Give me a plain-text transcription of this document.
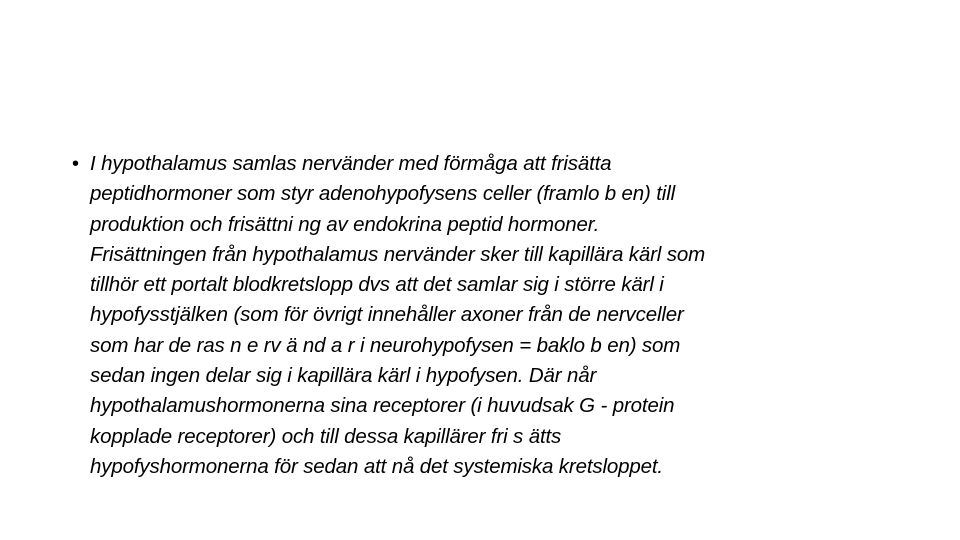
• I hypothalamus samlas nervänder med förmåga att frisätta
peptidhormoner som styr adenohypofysens celler (framlo b en) till
produktion och frisättni ng av endokrina peptid hormoner.
Frisättningen från hypothalamus nervänder sker till kapillära kärl som
tillhör ett portalt blodkretslopp dvs att det samlar sig i större kärl i
hypofysstjälken (som för övrigt innehåller axoner från de nervceller
som har de ras n e rv ä nd a r i neurohypofysen = baklo b en) som
sedan ingen delar sig i kapillära kärl i hypofysen. Där når
hypothalamushormonerna sina receptorer (i huvudsak G - protein
kopplade receptorer) och till dessa kapillärer fri s ätts
hypofyshormonerna för sedan att nå det systemiska kretsloppet.
